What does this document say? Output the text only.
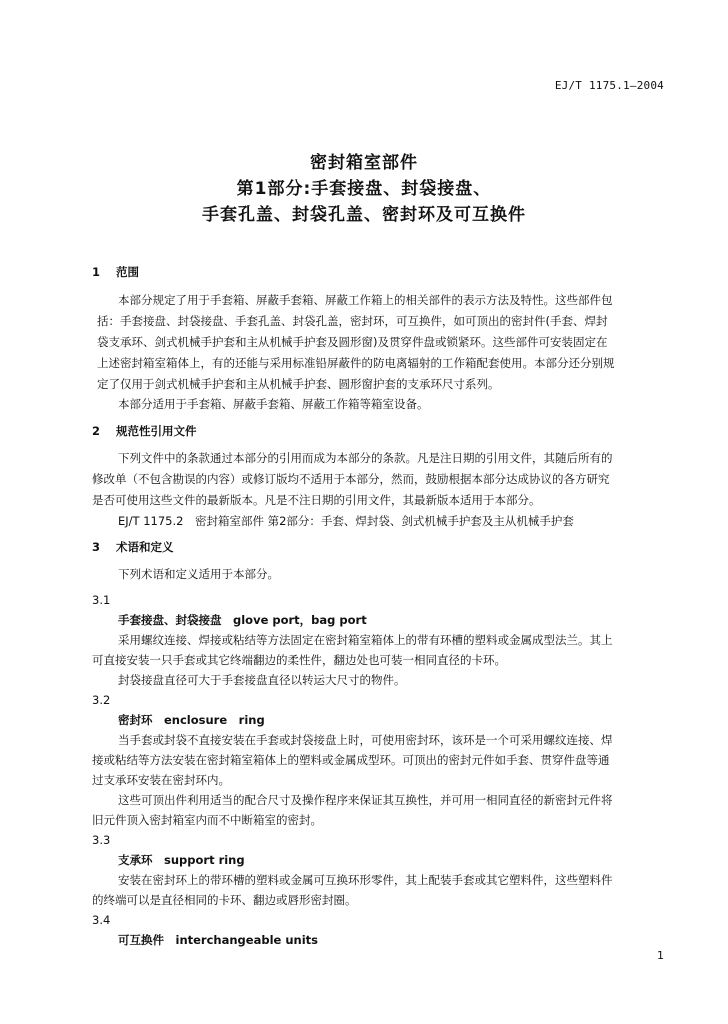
EJ/T 1175.1—2004
密封箱室部件
第1部分:手套接盘、封袋接盘、
手套孔盖、封袋孔盖、密封环及可互换件
1 范围
本部分规定了用于手套箱、屏蔽手套箱、屏蔽工作箱上的相关部件的表示方法及特性。这些部件包
括：手套接盘、封袋接盘、手套孔盖、封袋孔盖，密封环，可互换件，如可顶出的密封件(手套、焊封
袋支承环、剑式机械手护套和主从机械手护套及圆形窗)及贯穿件盘或锁紧环。这些部件可安装固定在
上述密封箱室箱体上，有的还能与采用标准铅屏蔽件的防电离辐射的工作箱配套使用。本部分还分别规
定了仅用于剑式机械手护套和主从机械手护套、圆形窗护套的支承环尺寸系列。
本部分适用于手套箱、屏蔽手套箱、屏蔽工作箱等箱室设备。
2 规范性引用文件
下列文件中的条款通过本部分的引用而成为本部分的条款。凡是注日期的引用文件，其随后所有的
修改单（不包含勘误的内容）或修订版均不适用于本部分，然而，鼓励根据本部分达成协议的各方研究
是否可使用这些文件的最新版本。凡是不注日期的引用文件，其最新版本适用于本部分。
EJ/T 1175.2　密封箱室部件 第2部分：手套、焊封袋、剑式机械手护套及主从机械手护套
3 术语和定义
下列术语和定义适用于本部分。
3.1
手套接盘、封袋接盘　glove port，bag port
采用螺纹连接、焊接或粘结等方法固定在密封箱室箱体上的带有环槽的塑料或金属成型法兰。其上
可直接安装一只手套或其它终端翻边的柔性件，翻边处也可装一相同直径的卡环。
封袋接盘直径可大于手套接盘直径以转运大尺寸的物件。
3.2
密封环　enclosure　ring
当手套或封袋不直接安装在手套或封袋接盘上时，可使用密封环，该环是一个可采用螺纹连接、焊
接或粘结等方法安装在密封箱室箱体上的塑料或金属成型环。可顶出的密封元件如手套、贯穿件盘等通
过支承环安装在密封环内。
这些可顶出件利用适当的配合尺寸及操作程序来保证其互换性，并可用一相同直径的新密封元件将
旧元件顶入密封箱室内而不中断箱室的密封。
3.3
支承环　support ring
安装在密封环上的带环槽的塑料或金属可互换环形零件，其上配装手套或其它塑料件，这些塑料件
的终端可以是直径相同的卡环、翻边或唇形密封圈。
3.4
可互换件　interchangeable units
1
